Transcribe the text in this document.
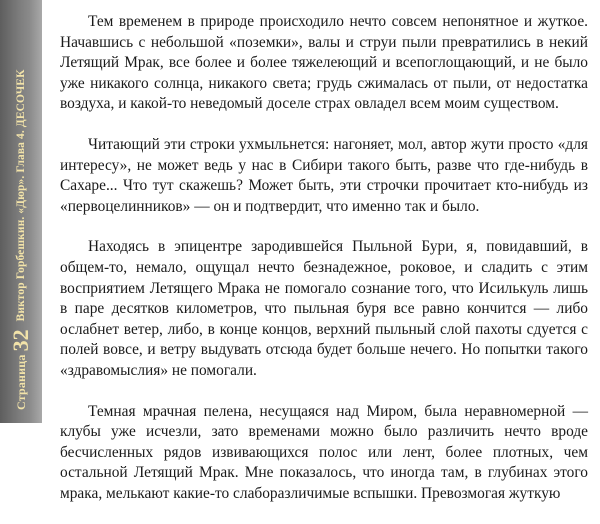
Страница
32
Виктор Горбешкин. «Дюр». Глава 4. ДЕСОЧЕК

Тем временем в природе происходило нечто совсем непонятное и жуткое. Начавшись с небольшой «поземки», валы и струи пыли превратились в некий Летящий Мрак, все более и более тяжелеющий и всепоглощающий, и не было уже никакого солнца, никакого света; грудь сжималась от пыли, от недостатка воздуха, и какой-то неведомый доселе страх овладел всем моим существом.

Читающий эти строки ухмыльнется: нагоняет, мол, автор жути просто «для интересу», не может ведь у нас в Сибири такого быть, разве что где-нибудь в Сахаре... Что тут скажешь? Может быть, эти строчки прочитает кто-нибудь из «первоцелинников» — он и подтвердит, что именно так и было.

Находясь в эпицентре зародившейся Пыльной Бури, я, повидавший, в общем-то, немало, ощущал нечто безнадежное, роковое, и сладить с этим восприятием Летящего Мрака не помогало сознание того, что Исилькуль лишь в паре десятков километров, что пыльная буря все равно кончится — либо ослабнет ветер, либо, в конце концов, верхний пыльный слой пахоты сдуется с полей вовсе, и ветру выдувать отсюда будет больше нечего. Но попытки такого «здравомыслия» не помогали.

Темная мрачная пелена, несущаяся над Миром, была неравномерной — клубы уже исчезли, зато временами можно было различить нечто вроде бесчисленных рядов извивающихся полос или лент, более плотных, чем остальной Летящий Мрак. Мне показалось, что иногда там, в глубинах этого мрака, мелькают какие-то слаборазличимые вспышки. Превозмогая жуткую
